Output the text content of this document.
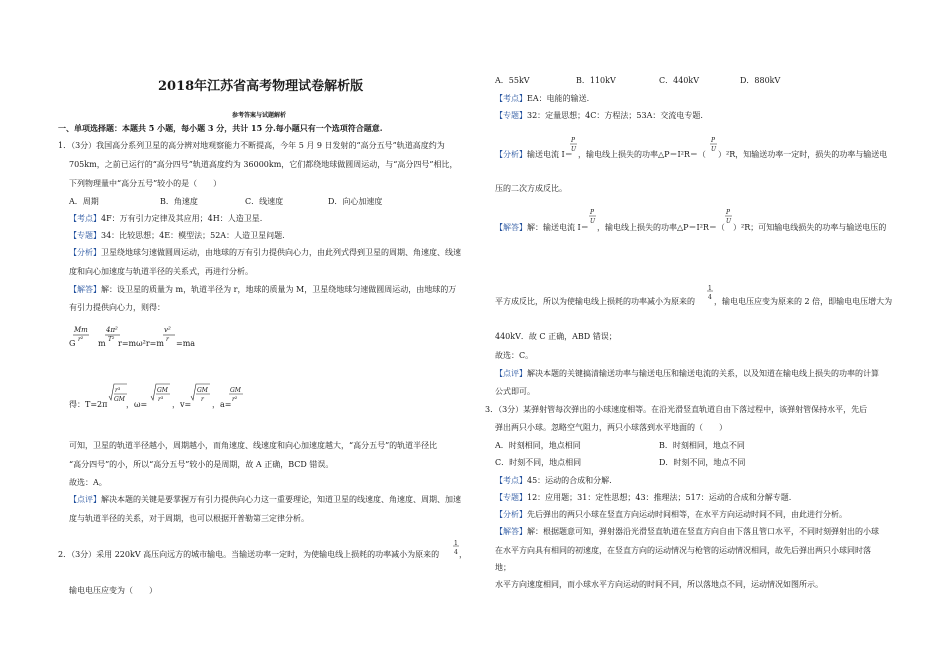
2018年江苏省高考物理试卷解析版
参考答案与试题解析
一、单项选择题：本题共 5 小题，每小题 3 分，共计 15 分.每小题只有一个选项符合题意.
1．（3分）我国高分系列卫星的高分辨对地观察能力不断提高，今年 5 月 9 日发射的“高分五号”轨道高度约为
705km，之前已运行的“高分四号”轨道高度约为 36000km，它们都绕地球做圆周运动，与“高分四号”相比，
下列物理量中“高分五号”较小的是（　　）
A．周期	B．角速度	C．线速度	D．向心加速度
【考点】4F：万有引力定律及其应用；4H：人造卫星.
【专题】34：比较思想；4E：模型法；52A：人造卫星问题.
【分析】卫星绕地球匀速做圆周运动，由地球的万有引力提供向心力，由此列式得到卫星的周期、角速度、线速
度和向心加速度与轨道半径的关系式，再进行分析。
【解答】解：设卫星的质量为 m，轨道半径为 r，地球的质量为 M，卫星绕地球匀速做圆周运动，由地球的万
有引力提供向心力，则得：
Mm
G r²
4π²
m T² r=mω²r=m
v²
r =ma
得：T=2π
r³
GM
，ω=
GM
r³
，v=
GM
r
，a=
GM
r²
可知，卫星的轨道半径越小，周期越小，而角速度、线速度和向心加速度越大，“高分五号”的轨道半径比
“高分四号”的小，所以“高分五号”较小的是周期，故 A 正确，BCD 错误。
故选：A。
【点评】解决本题的关键是要掌握万有引力提供向心力这一重要理论，知道卫星的线速度、角速度、周期、加速
度与轨道半径的关系，对于周期，也可以根据开普勒第三定律分析。
2．（3分）采用 220kV 高压向远方的城市输电。当输送功率一定时，为使输电线上损耗的功率减小为原来的
1
4 ，
输电电压应变为（　　）
A．55kV	B．110kV	C．440kV	D．880kV
【考点】EA：电能的输送.
【专题】32：定量思想；4C：方程法；53A：交流电专题.
【分析】输送电流 I＝
P
U
，输电线上损失的功率△P＝I²R＝（
P
U
）²R，知输送功率一定时，损失的功率与输送电
压的二次方成反比。
【解答】解：输送电流 I＝
P
U
，输电线上损失的功率△P＝I²R＝（
P
U
）²R；可知输电线损失的功率与输送电压的
平方成反比，所以为使输电线上损耗的功率减小为原来的
1
4 ，输电电压应变为原来的 2 倍，即输电电压增大为
440kV．故 C 正确，ABD 错误；
故选：C。
【点评】解决本题的关键搞清输送功率与输送电压和输送电流的关系，以及知道在输电线上损失的功率的计算
公式即可。
3．（3分）某弹射管每次弹出的小球速度相等。在沿光滑竖直轨道自由下落过程中，该弹射管保持水平，先后
弹出两只小球。忽略空气阻力，两只小球落到水平地面的（　　）
A．时刻相同，地点相同	B．时刻相同，地点不同
C．时刻不同，地点相同	D．时刻不同，地点不同
【考点】45：运动的合成和分解.
【专题】12：应用题；31：定性思想；43：推理法；517：运动的合成和分解专题.
【分析】先后弹出的两只小球在竖直方向运动时间相等，在水平方向运动时间不同，由此进行分析。
【解答】解：根据题意可知，弹射器沿光滑竖直轨道在竖直方向自由下落且管口水平，不同时刻弹射出的小球
在水平方向具有相同的初速度，在竖直方向的运动情况与枪管的运动情况相同，故先后弹出两只小球同时落
地；
水平方向速度相同，而小球水平方向运动的时间不同，所以落地点不同，运动情况如图所示。
